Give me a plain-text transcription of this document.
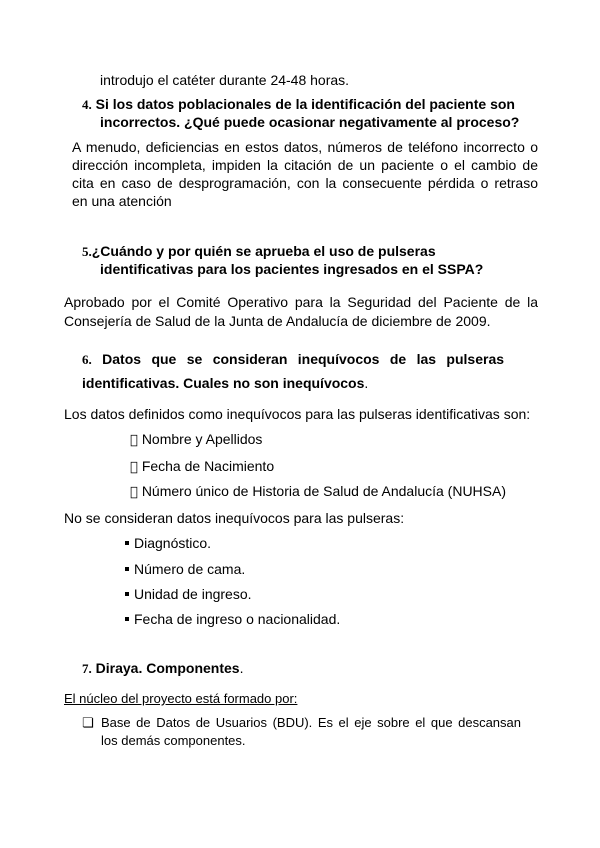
introdujo el catéter durante 24-48 horas.
4. Si los datos poblacionales de la identificación del paciente son
incorrectos. ¿Qué puede ocasionar negativamente al proceso?
A menudo, deficiencias en estos datos, números de teléfono incorrecto o
dirección incompleta, impiden la citación de un paciente o el cambio de
cita en caso de desprogramación, con la consecuente pérdida o retraso
en una atención
5.¿Cuándo y por quién se aprueba el uso de pulseras
identificativas para los pacientes ingresados en el SSPA?
Aprobado por el Comité Operativo para la Seguridad del Paciente de la
Consejería de Salud de la Junta de Andalucía de diciembre de 2009.
6. Datos que se consideran inequívocos de las pulseras
identificativas. Cuales no son inequívocos.
Los datos definidos como inequívocos para las pulseras identificativas son:
Nombre y Apellidos
Fecha de Nacimiento
Número único de Historia de Salud de Andalucía (NUHSA)
No se consideran datos inequívocos para las pulseras:
Diagnóstico.
Número de cama.
Unidad de ingreso.
Fecha de ingreso o nacionalidad.
7. Diraya. Componentes.
El núcleo del proyecto está formado por:
❏ Base de Datos de Usuarios (BDU). Es el eje sobre el que descansan
los demás componentes.
